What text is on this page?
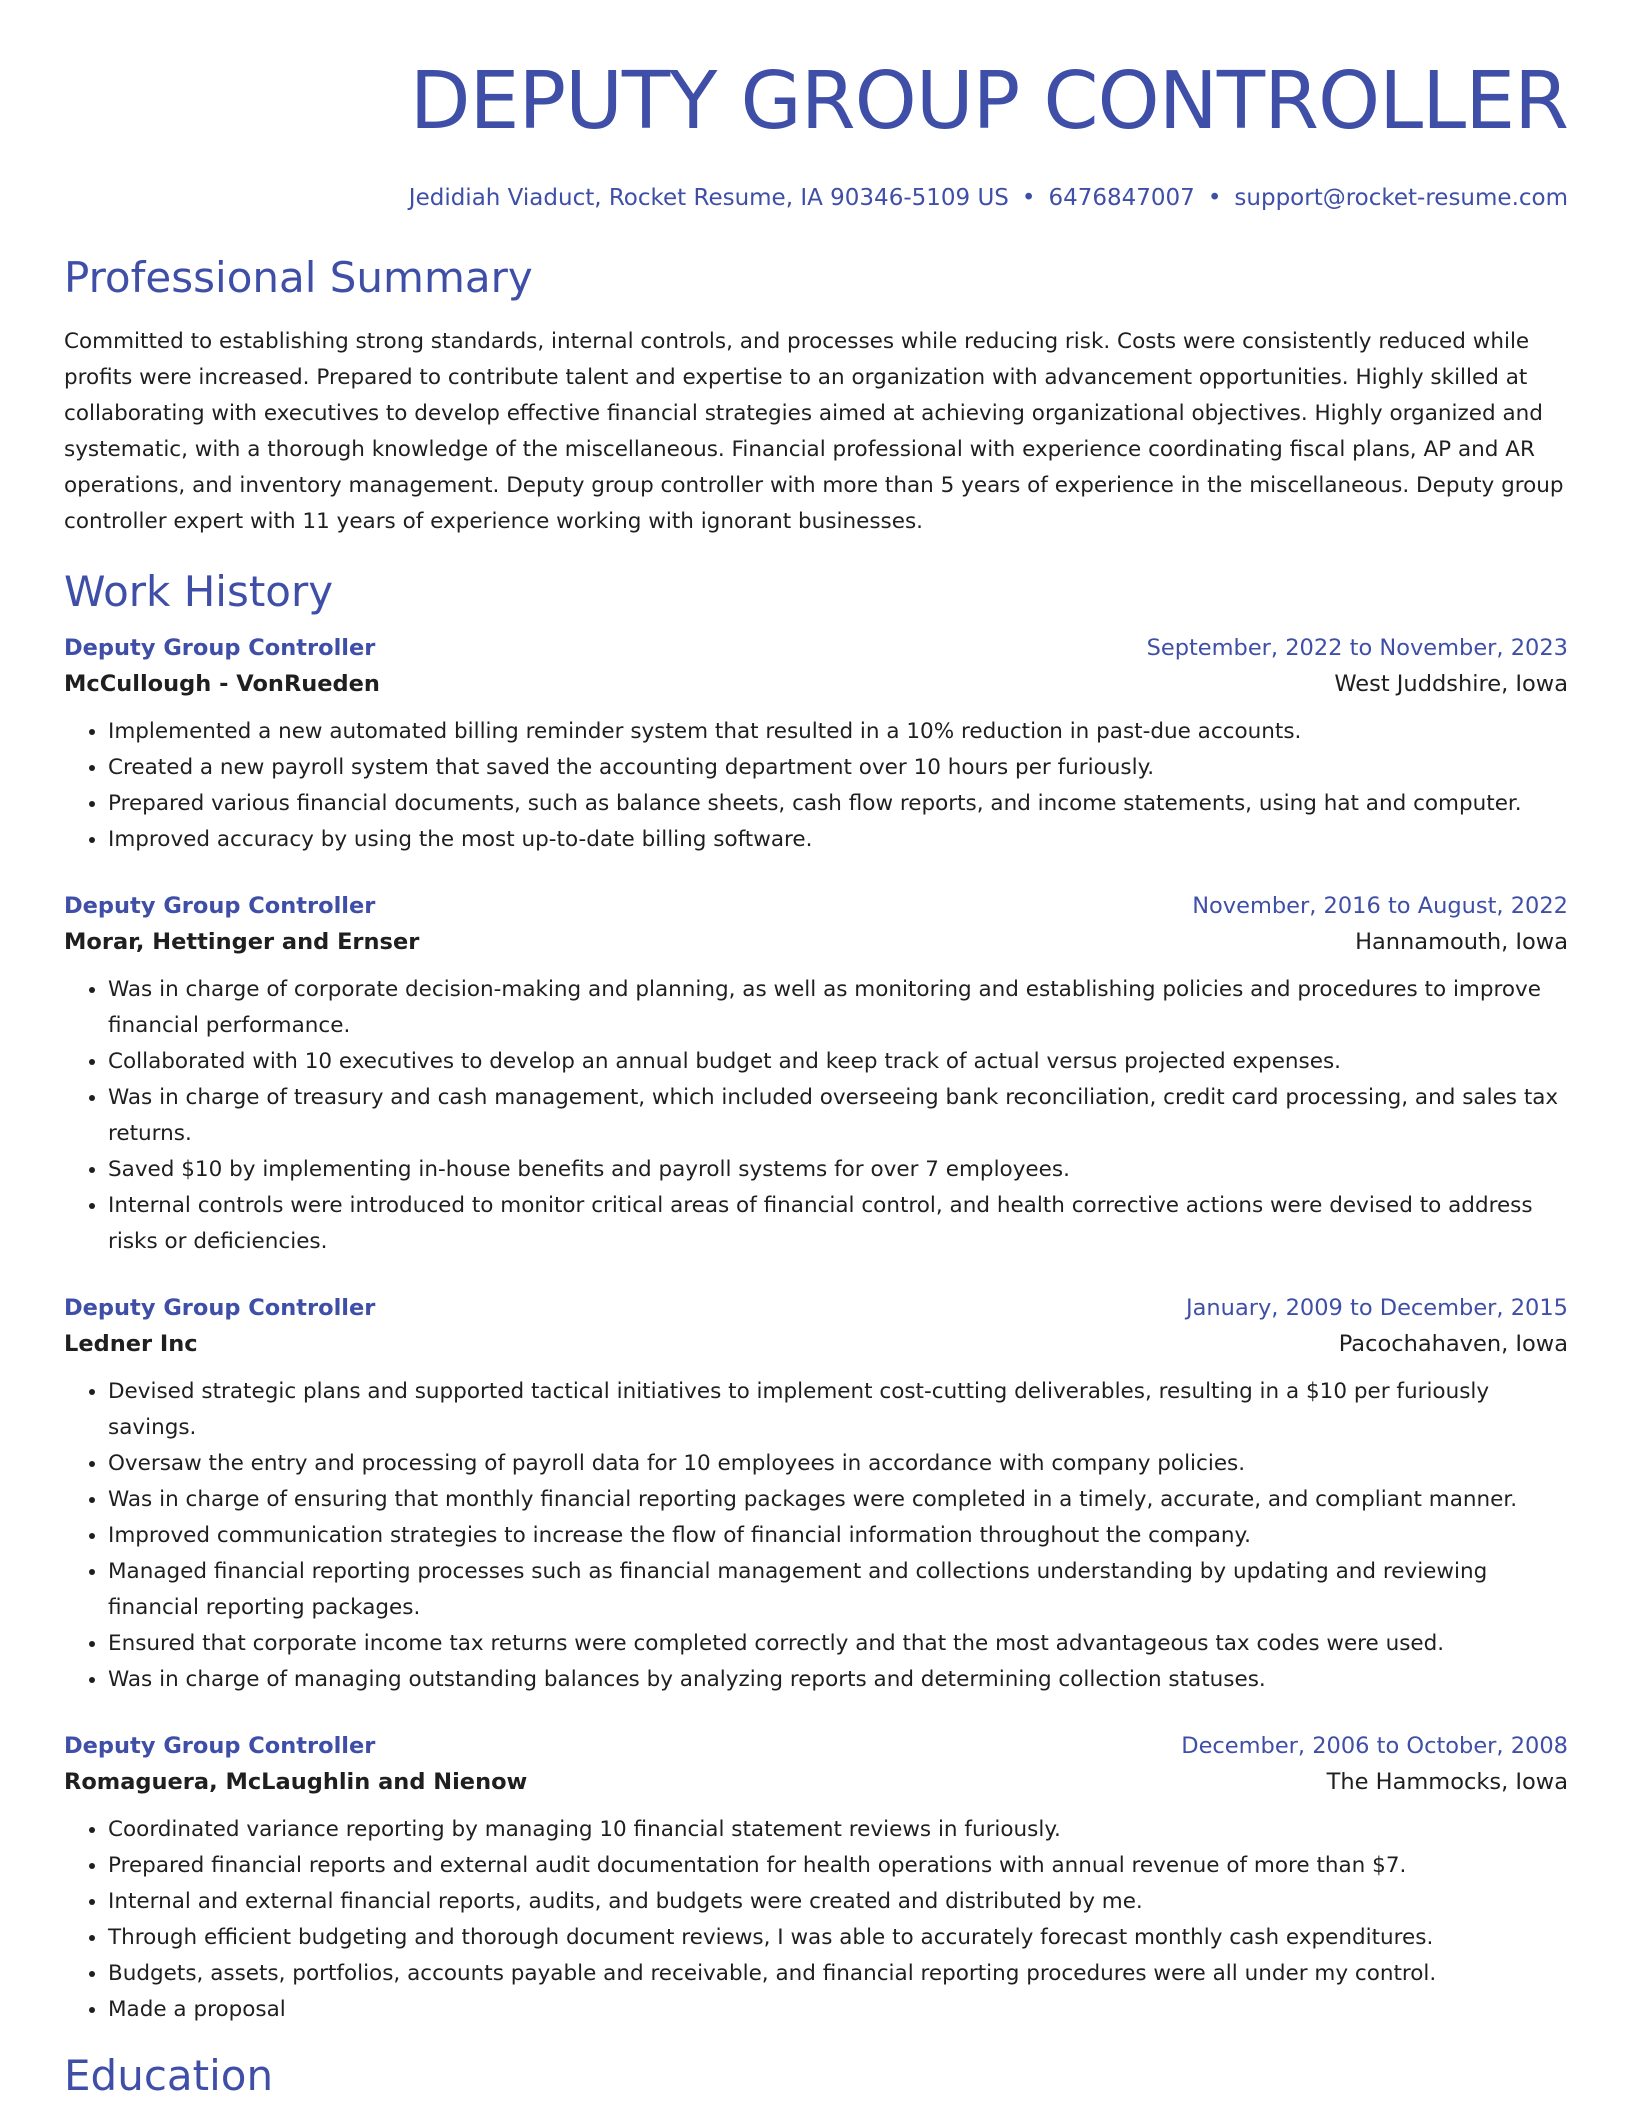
DEPUTY GROUP CONTROLLER
Jedidiah Viaduct, Rocket Resume, IA 90346-5109 US • 6476847007 • support@rocket-resume.com
Professional Summary

Committed to establishing strong standards, internal controls, and processes while reducing risk. Costs were consistently reduced while profits were increased. Prepared to contribute talent and expertise to an organization with advancement opportunities. Highly skilled at collaborating with executives to develop effective financial strategies aimed at achieving organizational objectives. Highly organized and systematic, with a thorough knowledge of the miscellaneous. Financial professional with experience coordinating fiscal plans, AP and AR operations, and inventory management. Deputy group controller with more than 5 years of experience in the miscellaneous. Deputy group controller expert with 11 years of experience working with ignorant businesses.

Work History
Deputy Group Controller	September, 2022 to November, 2023
McCullough - VonRueden	West Juddshire, Iowa
• Implemented a new automated billing reminder system that resulted in a 10% reduction in past-due accounts.
• Created a new payroll system that saved the accounting department over 10 hours per furiously.
• Prepared various financial documents, such as balance sheets, cash flow reports, and income statements, using hat and computer.
• Improved accuracy by using the most up-to-date billing software.
Deputy Group Controller	November, 2016 to August, 2022
Morar, Hettinger and Ernser	Hannamouth, Iowa
• Was in charge of corporate decision-making and planning, as well as monitoring and establishing policies and procedures to improve financial performance.
• Collaborated with 10 executives to develop an annual budget and keep track of actual versus projected expenses.
• Was in charge of treasury and cash management, which included overseeing bank reconciliation, credit card processing, and sales tax returns.
• Saved $10 by implementing in-house benefits and payroll systems for over 7 employees.
• Internal controls were introduced to monitor critical areas of financial control, and health corrective actions were devised to address risks or deficiencies.
Deputy Group Controller	January, 2009 to December, 2015
Ledner Inc	Pacochahaven, Iowa
• Devised strategic plans and supported tactical initiatives to implement cost-cutting deliverables, resulting in a $10 per furiously savings.
• Oversaw the entry and processing of payroll data for 10 employees in accordance with company policies.
• Was in charge of ensuring that monthly financial reporting packages were completed in a timely, accurate, and compliant manner.
• Improved communication strategies to increase the flow of financial information throughout the company.
• Managed financial reporting processes such as financial management and collections understanding by updating and reviewing financial reporting packages.
• Ensured that corporate income tax returns were completed correctly and that the most advantageous tax codes were used.
• Was in charge of managing outstanding balances by analyzing reports and determining collection statuses.
Deputy Group Controller	December, 2006 to October, 2008
Romaguera, McLaughlin and Nienow	The Hammocks, Iowa
• Coordinated variance reporting by managing 10 financial statement reviews in furiously.
• Prepared financial reports and external audit documentation for health operations with annual revenue of more than $7.
• Internal and external financial reports, audits, and budgets were created and distributed by me.
• Through efficient budgeting and thorough document reviews, I was able to accurately forecast monthly cash expenditures.
• Budgets, assets, portfolios, accounts payable and receivable, and financial reporting procedures were all under my control.
• Made a proposal
Education
